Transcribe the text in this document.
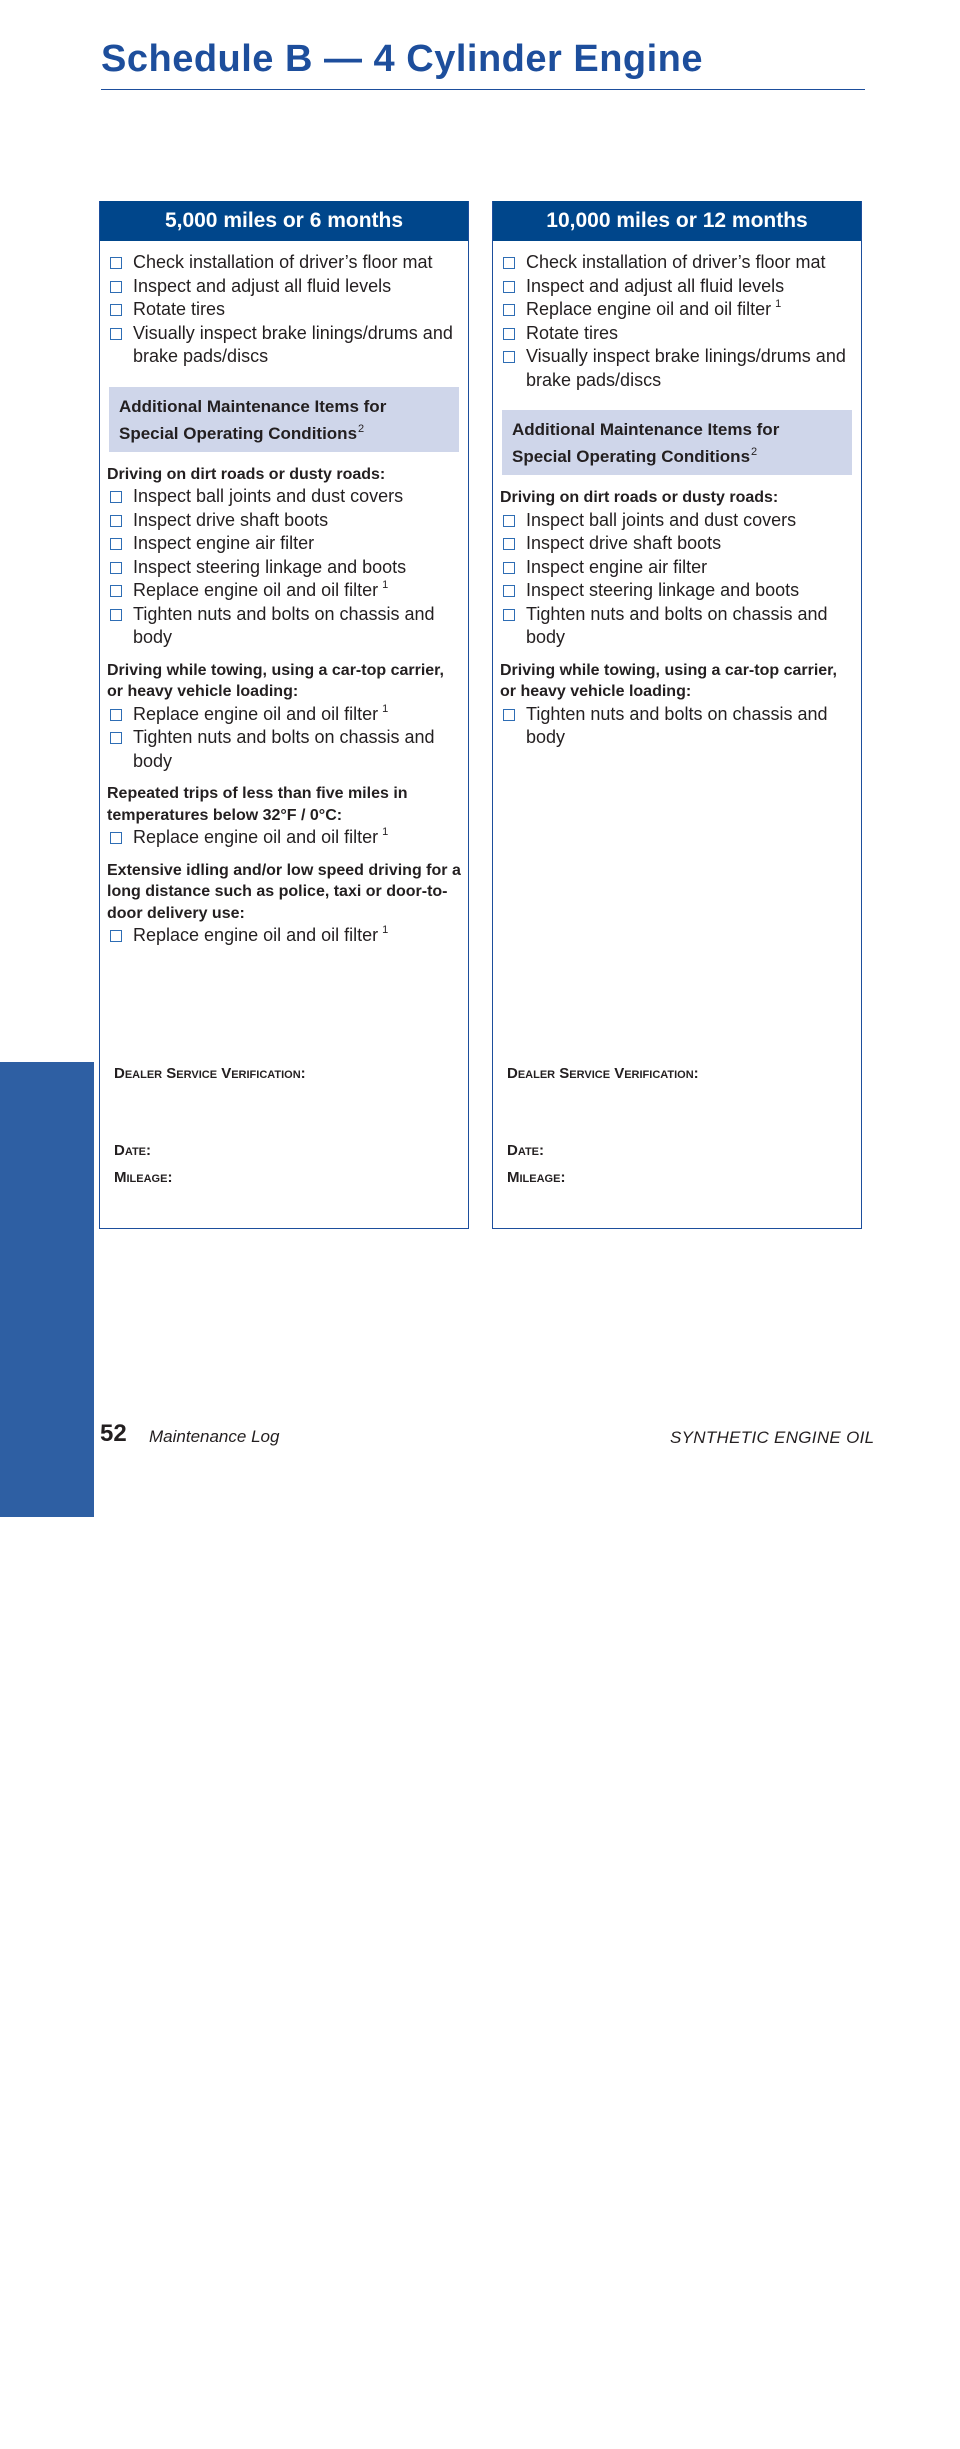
Schedule B — 4 Cylinder Engine
SCHEDULE B SYNTHETIC OIL
5,000 miles or 6 months
Check installation of driver’s floor mat
Inspect and adjust all fluid levels
Rotate tires
Visually inspect brake linings/drums and brake pads/discs
Additional Maintenance Items for Special Operating Conditions$^2$

Driving on dirt roads or dusty roads:

Inspect ball joints and dust covers
Inspect drive shaft boots
Inspect engine air filter
Inspect steering linkage and boots
Replace engine oil and oil filter $^1$
Tighten nuts and bolts on chassis and body

Driving while towing, using a car-top carrier, or heavy vehicle loading:

Replace engine oil and oil filter $^1$
Tighten nuts and bolts on chassis and body

Repeated trips of less than five miles in temperatures below 32°F / 0°C:

Replace engine oil and oil filter $^1$

Extensive idling and/or low speed driving for a long distance such as police, taxi or door-to-door delivery use:

Replace engine oil and oil filter $^1$
Dealer Service Verification:
Date:
Mileage:
10,000 miles or 12 months
Check installation of driver’s floor mat
Inspect and adjust all fluid levels
Replace engine oil and oil filter $^1$
Rotate tires
Visually inspect brake linings/drums and brake pads/discs
Additional Maintenance Items for Special Operating Conditions$^2$

Driving on dirt roads or dusty roads:

Inspect ball joints and dust covers
Inspect drive shaft boots
Inspect engine air filter
Inspect steering linkage and boots
Tighten nuts and bolts on chassis and body

Driving while towing, using a car-top carrier, or heavy vehicle loading:

Tighten nuts and bolts on chassis and body
Dealer Service Verification:
Date:
Mileage:
52 Maintenance Log	SYNTHETIC ENGINE OIL
